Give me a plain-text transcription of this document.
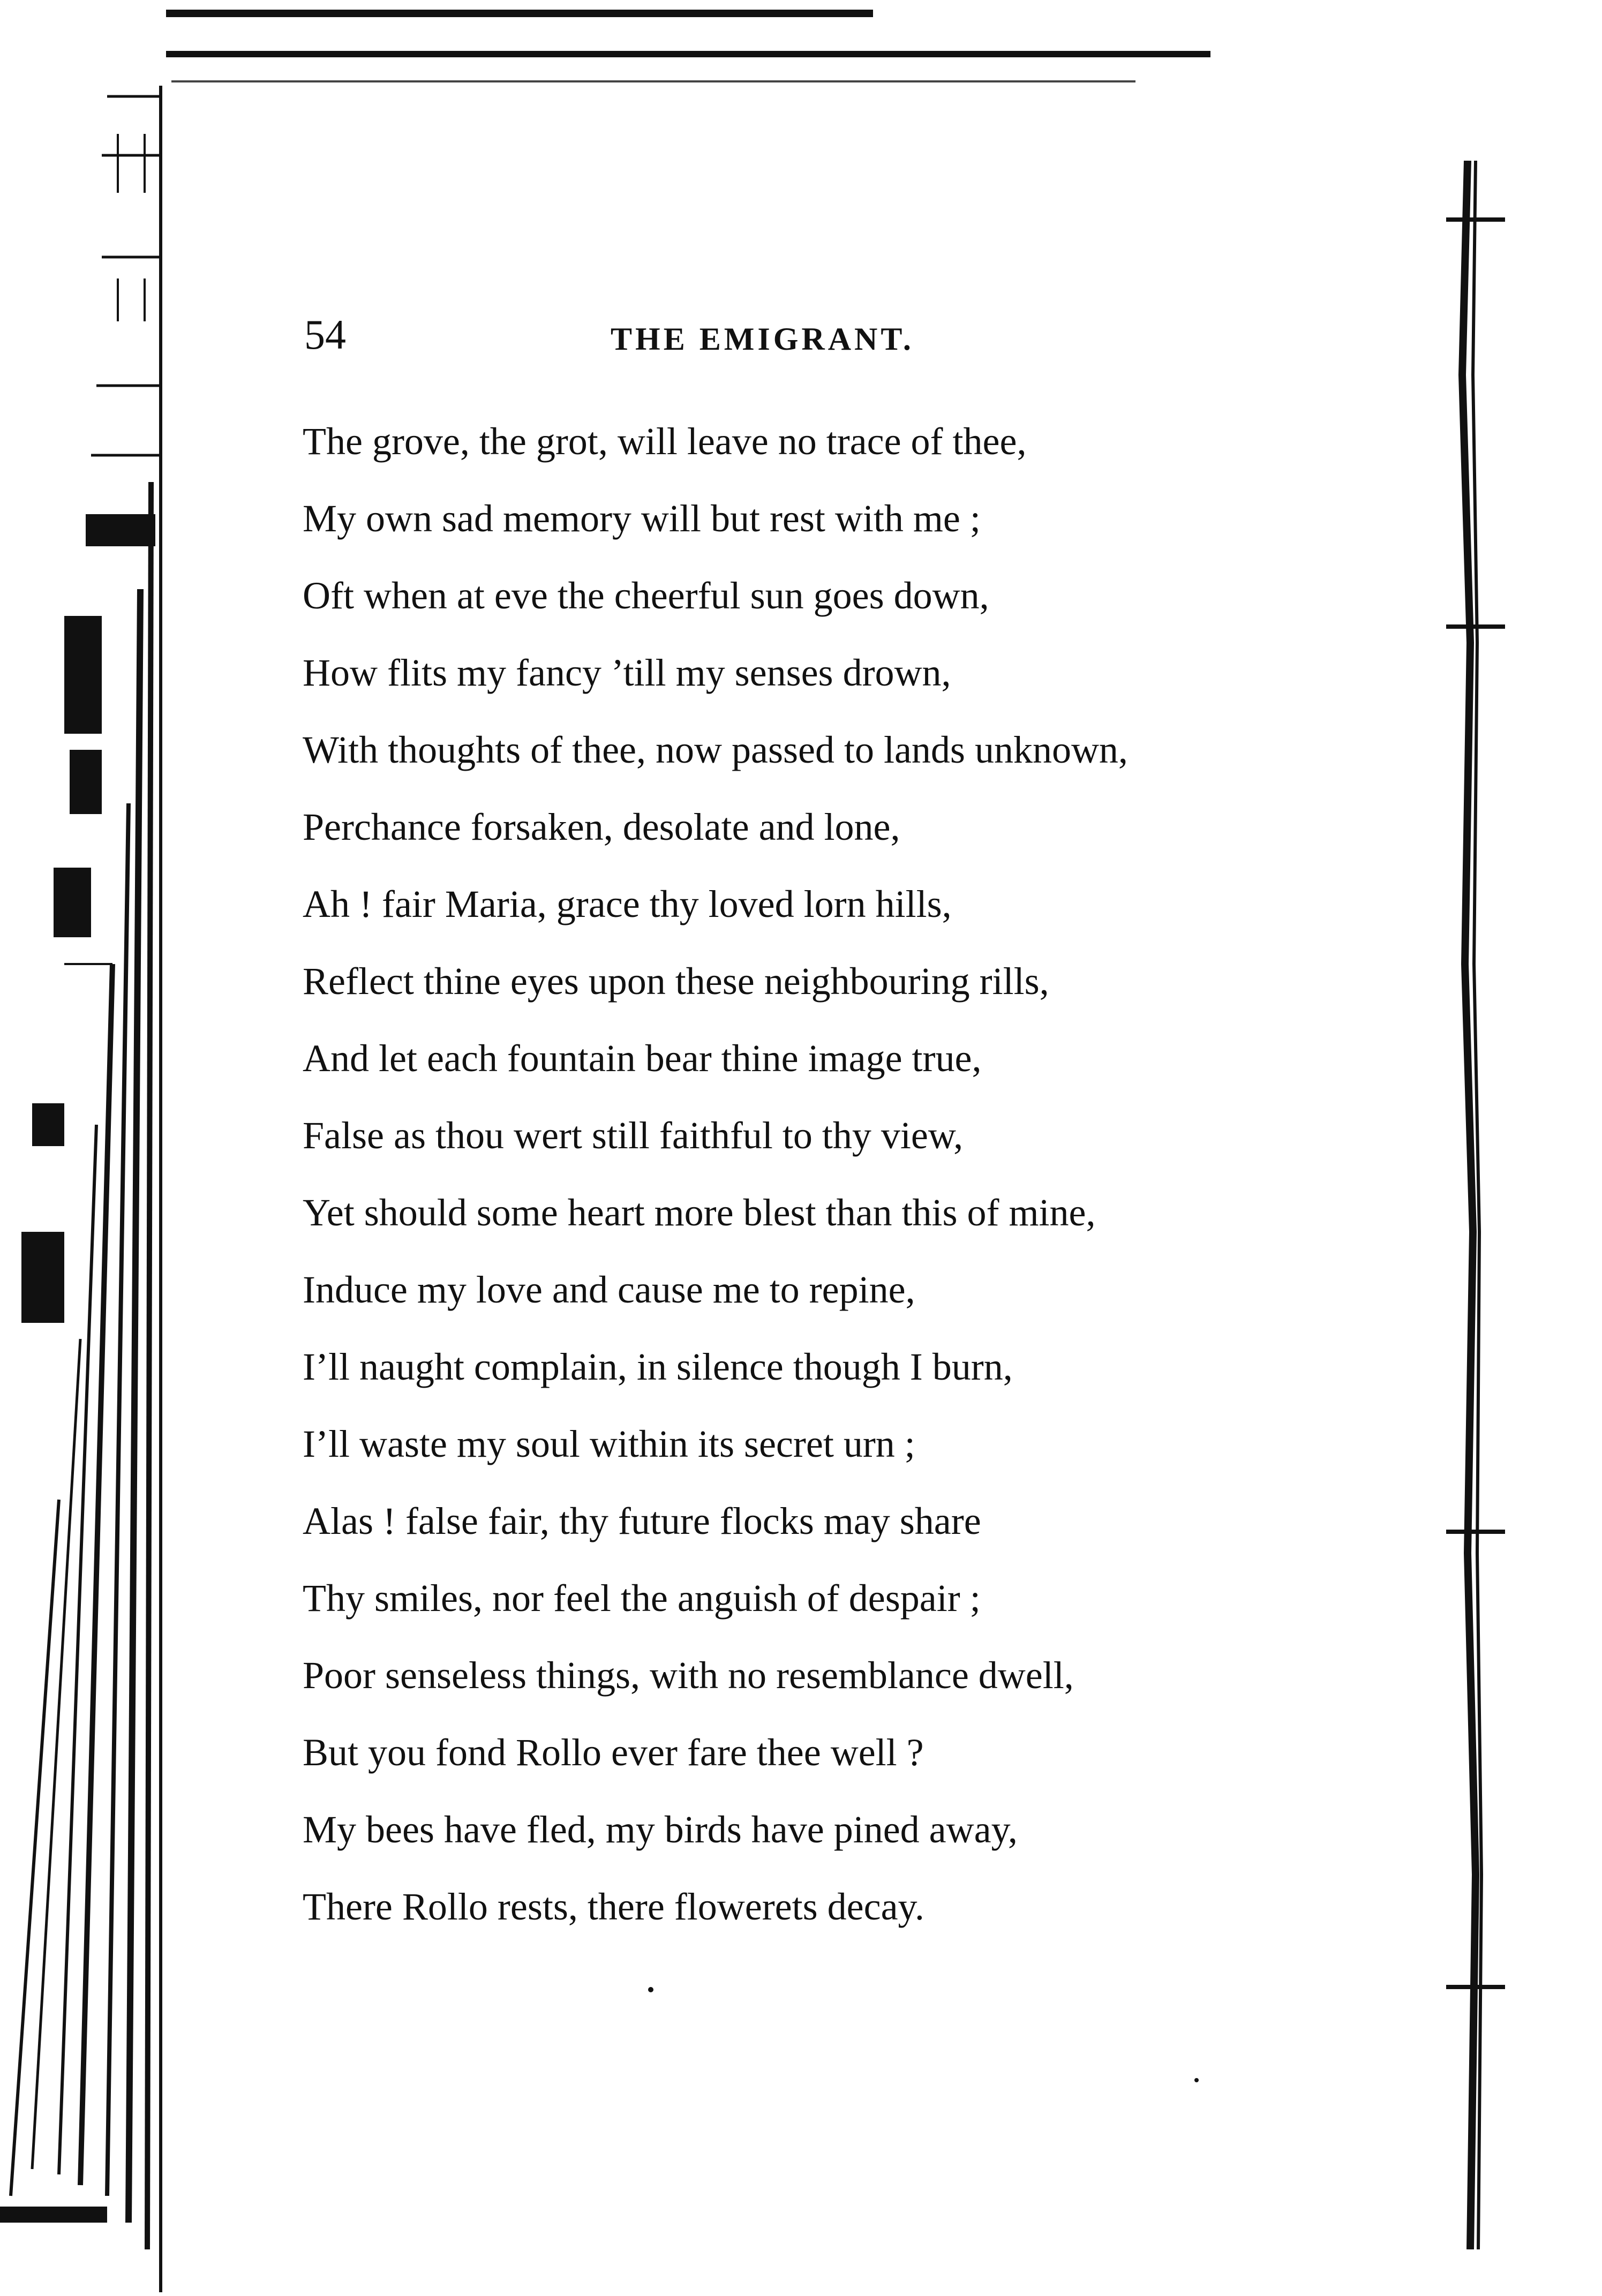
54	THE EMIGRANT.
The grove, the grot, will leave no trace of thee,
My own sad memory will but rest with me ;
Oft when at eve the cheerful sun goes down,
How flits my fancy ’till my senses drown,
With thoughts of thee, now passed to lands unknown,
Perchance forsaken, desolate and lone,
Ah ! fair Maria, grace thy loved lorn hills,
Reflect thine eyes upon these neighbouring rills,
And let each fountain bear thine image true,
False as thou wert still faithful to thy view,
Yet should some heart more blest than this of mine,
Induce my love and cause me to repine,
I’ll naught complain, in silence though I burn,
I’ll waste my soul within its secret urn ;
Alas ! false fair, thy future flocks may share
Thy smiles, nor feel the anguish of despair ;
Poor senseless things, with no resemblance dwell,
But you fond Rollo ever fare thee well ?
My bees have fled, my birds have pined away,
There Rollo rests, there flowerets decay.
